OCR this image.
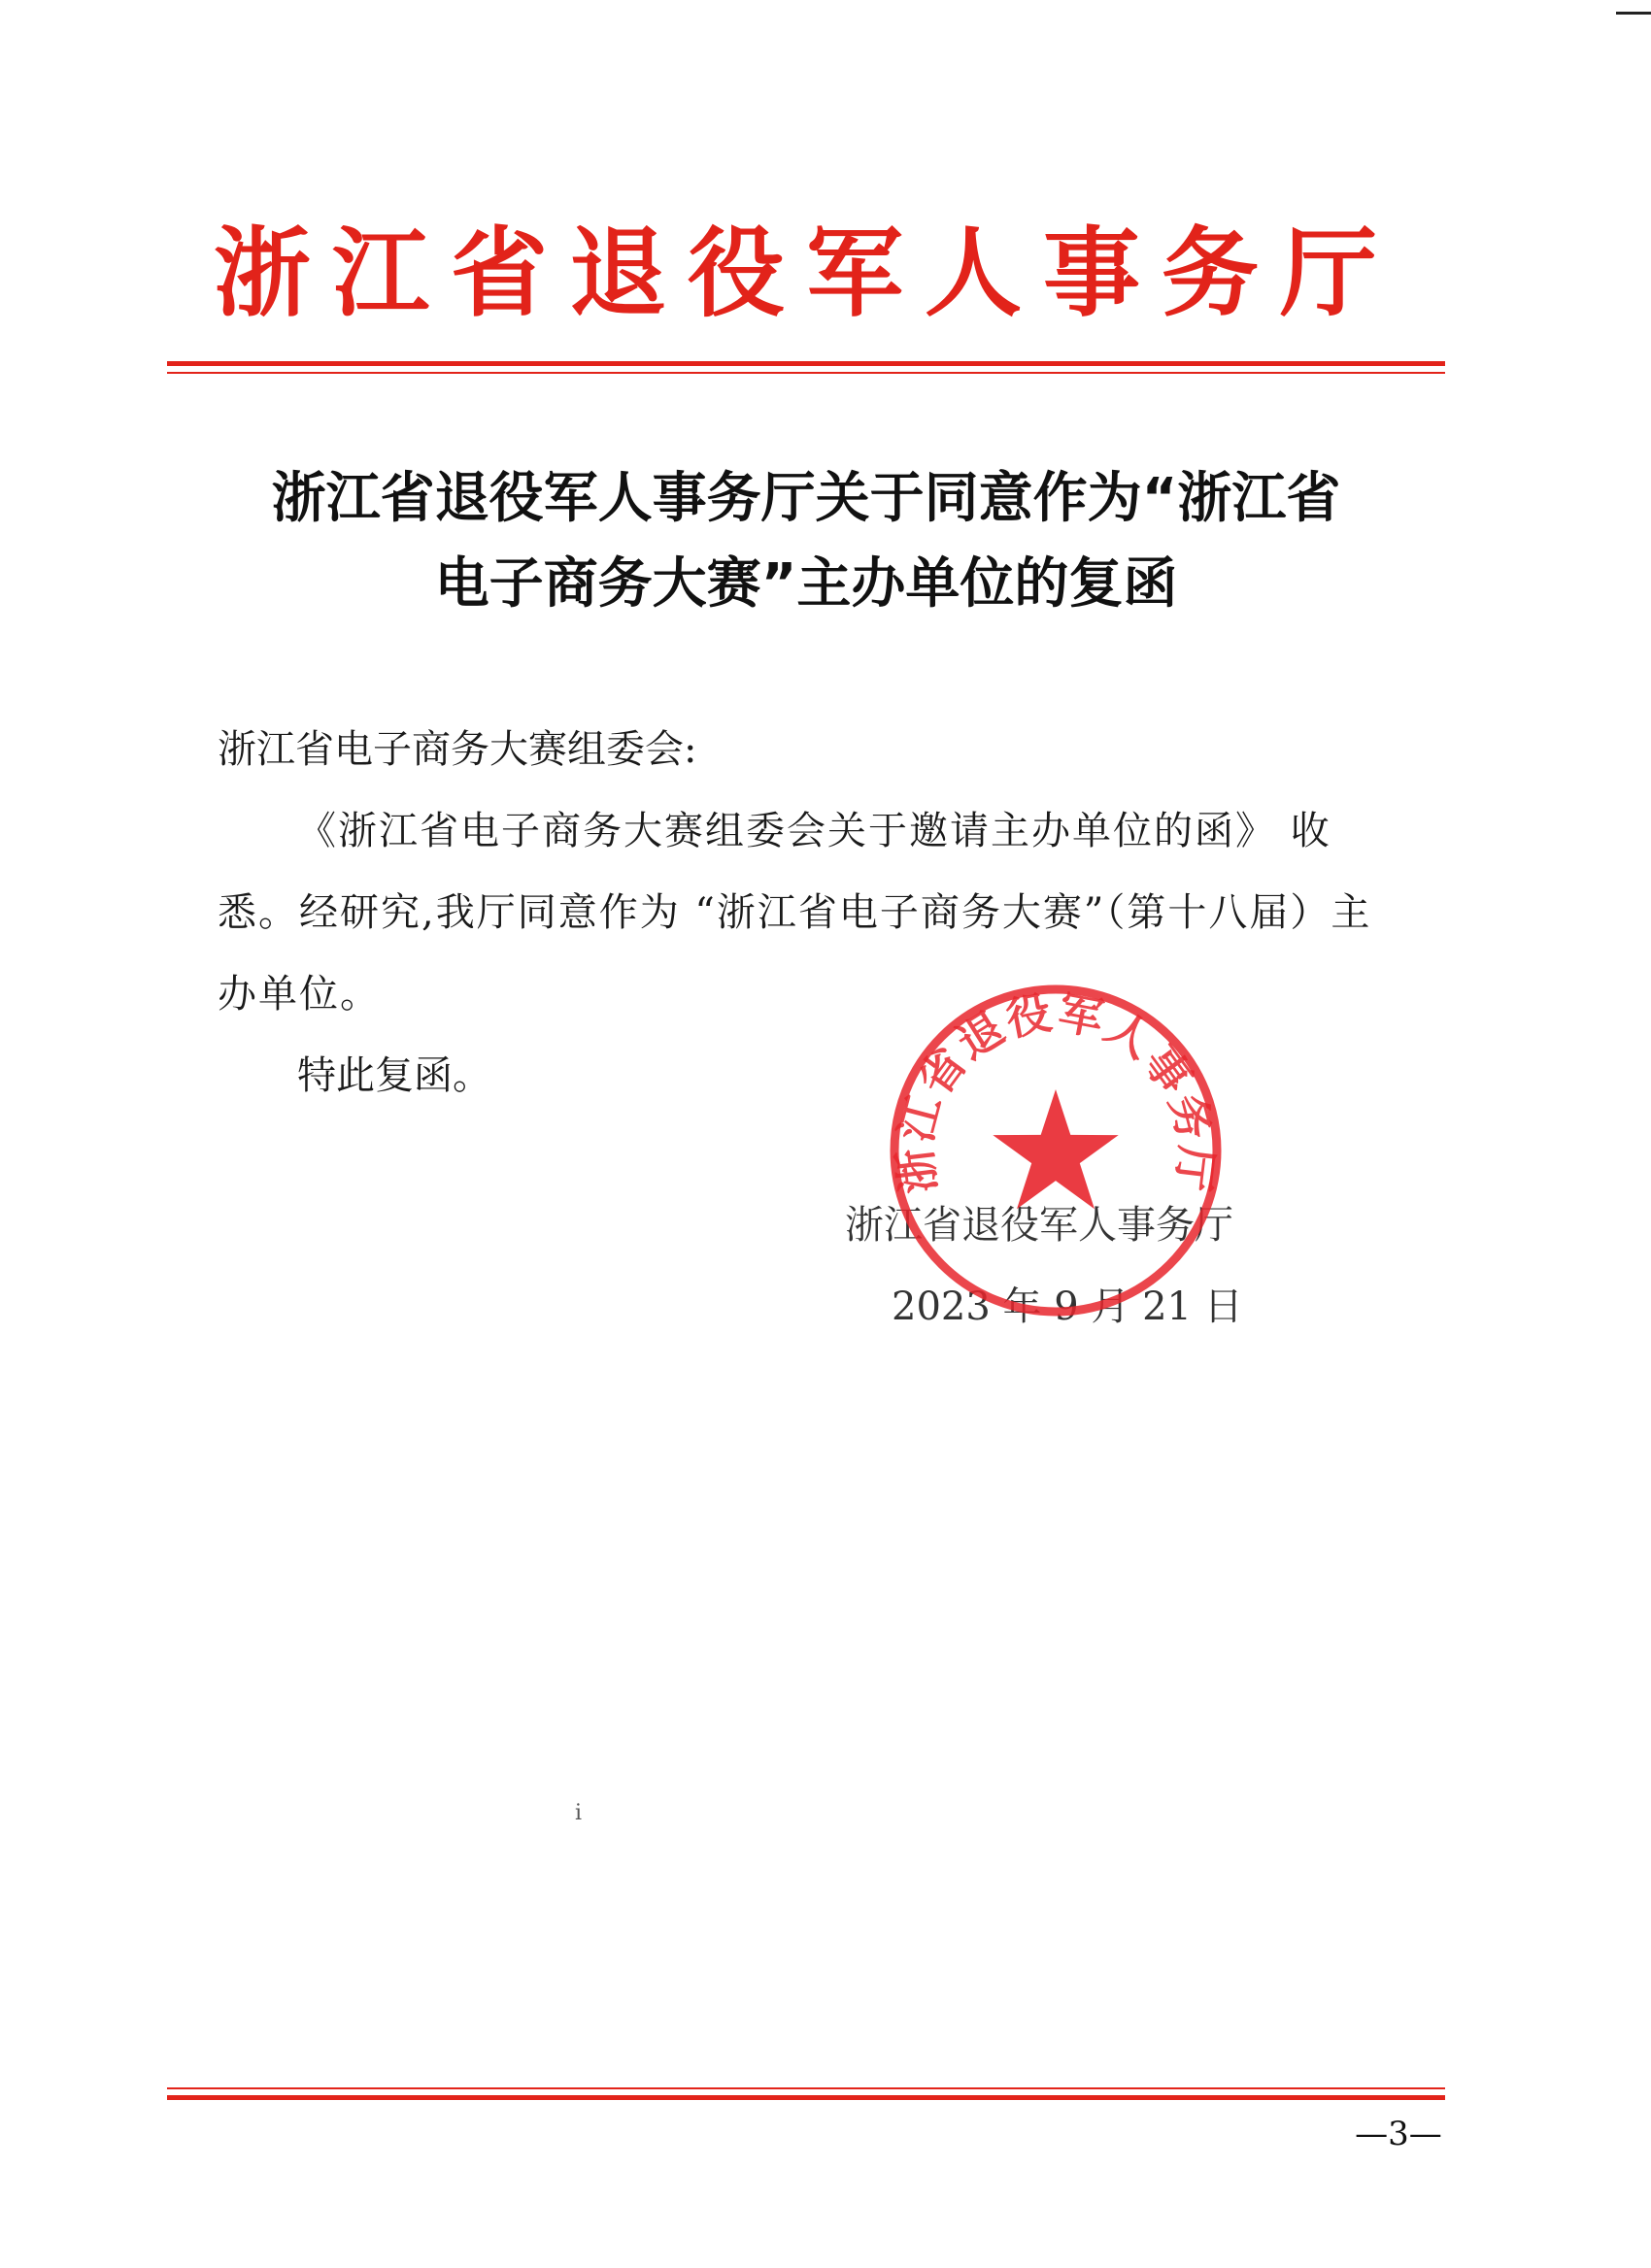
浙江省退役军人事务厅
浙江省退役军人事务厅关于同意作为“浙江省
电子商务大赛”主办单位的复函
浙江省电子商务大赛组委会:
《浙江省电子商务大赛组委会关于邀请主办单位的函》 收悉。经研究,我厅同意作为 “浙江省电子商务大赛”（第十八届）主办单位。
特此复函。
浙江省退役军人事务厅
2023 年 9 月 21 日
浙江省退役军人事务厅
i
—3—
